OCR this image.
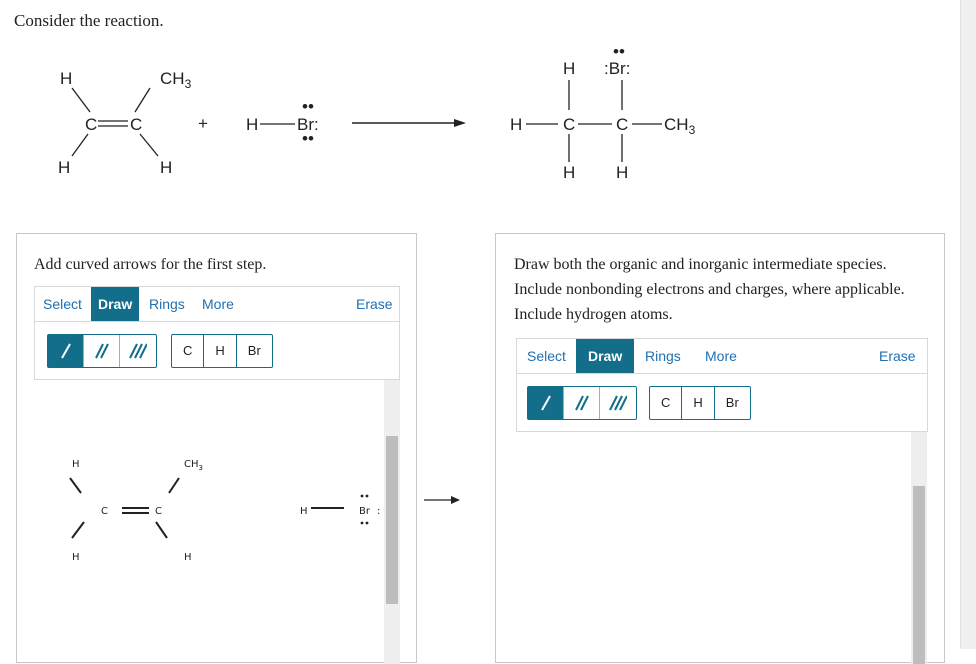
Consider the reaction.
H	$CH_3$
C C
H	H
+ H Br:
••
••
H :Br:
••
H C C $CH_3$
H H
Add curved arrows for the first step.
Select	Draw	Rings More	Erase
C	H	Br
H	$CH_3$
C	C
H	H
H	Br :
Draw both the organic and inorganic intermediate species. Include nonbonding electrons and charges, where applicable. Include hydrogen atoms.
Select	Draw	Rings More	Erase
C	H	Br
